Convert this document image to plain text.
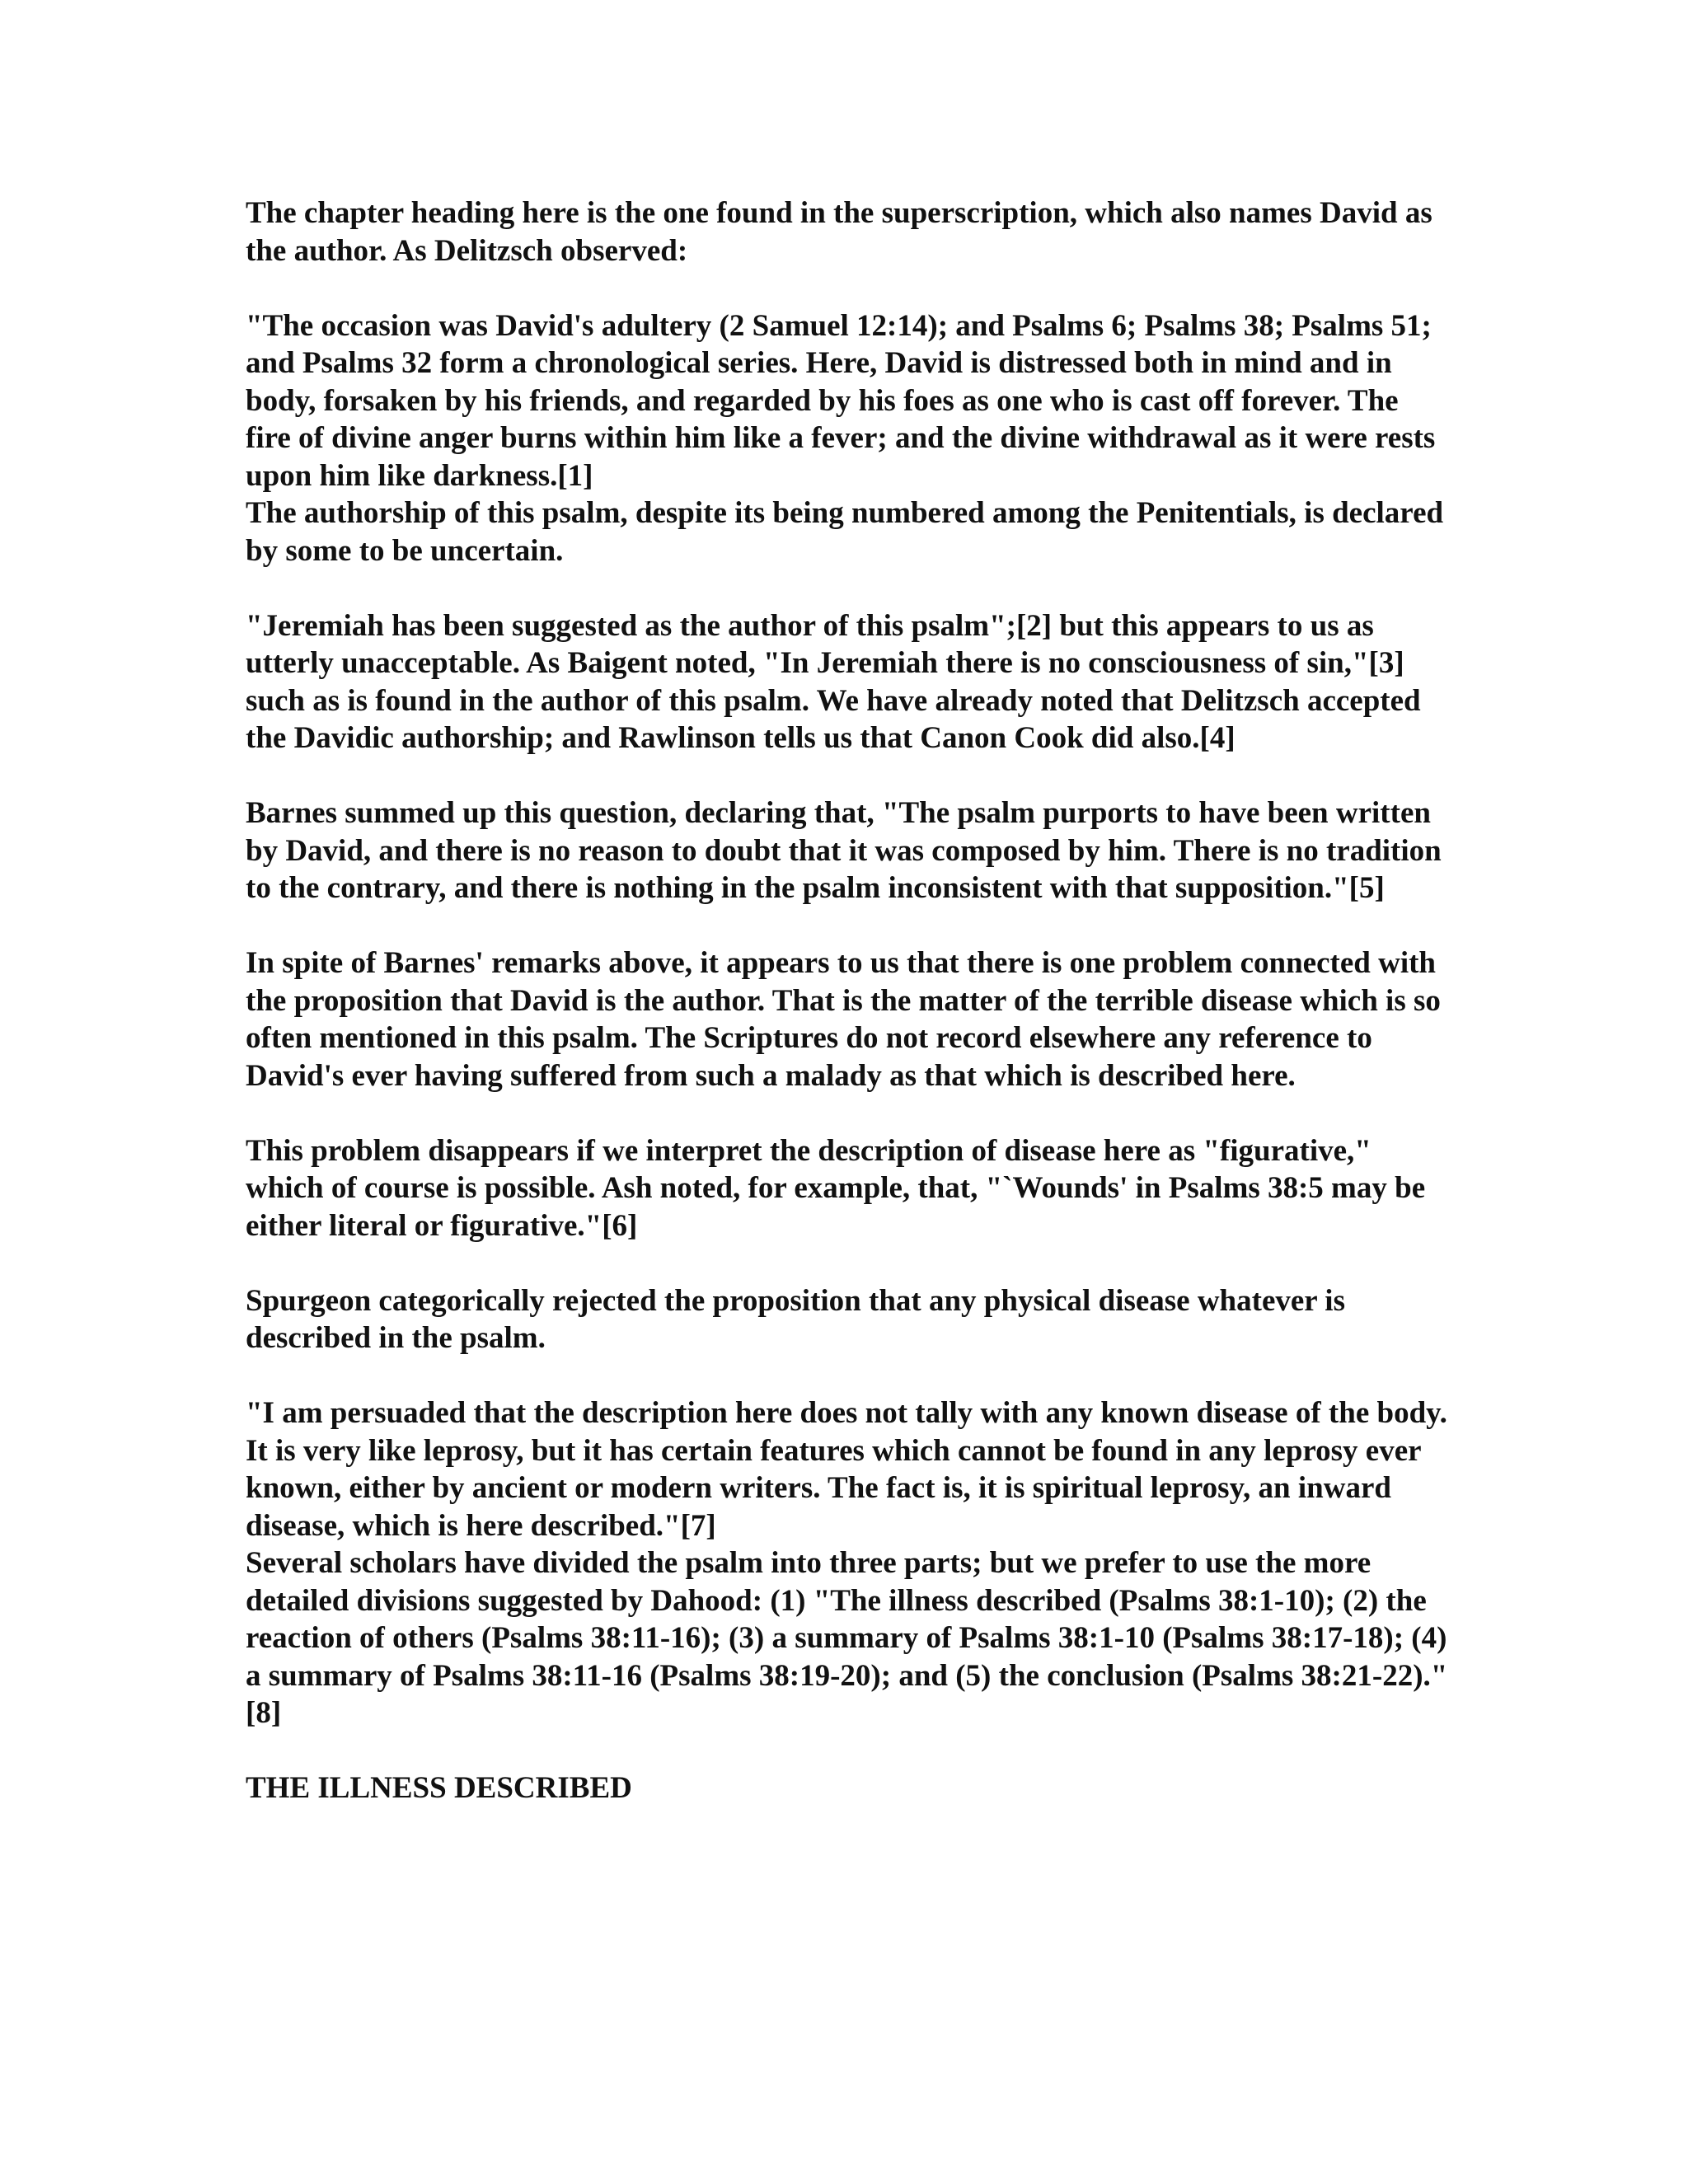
The chapter heading here is the one found in the superscription, which also names David as the author. As Delitzsch observed:

"The occasion was David's adultery (2 Samuel 12:14); and Psalms 6; Psalms 38; Psalms 51; and Psalms 32 form a chronological series. Here, David is distressed both in mind and in body, forsaken by his friends, and regarded by his foes as one who is cast off forever. The fire of divine anger burns within him like a fever; and the divine withdrawal as it were rests upon him like darkness.[1]

The authorship of this psalm, despite its being numbered among the Penitentials, is declared by some to be uncertain.

"Jeremiah has been suggested as the author of this psalm";[2] but this appears to us as utterly unacceptable. As Baigent noted, "In Jeremiah there is no consciousness of sin,"[3] such as is found in the author of this psalm. We have already noted that Delitzsch accepted the Davidic authorship; and Rawlinson tells us that Canon Cook did also.[4]

Barnes summed up this question, declaring that, "The psalm purports to have been written by David, and there is no reason to doubt that it was composed by him. There is no tradition to the contrary, and there is nothing in the psalm inconsistent with that supposition."[5]

In spite of Barnes' remarks above, it appears to us that there is one problem connected with the proposition that David is the author. That is the matter of the terrible disease which is so often mentioned in this psalm. The Scriptures do not record elsewhere any reference to David's ever having suffered from such a malady as that which is described here.

This problem disappears if we interpret the description of disease here as "figurative," which of course is possible. Ash noted, for example, that, "`Wounds' in Psalms 38:5 may be either literal or figurative."[6]

Spurgeon categorically rejected the proposition that any physical disease whatever is described in the psalm.

"I am persuaded that the description here does not tally with any known disease of the body. It is very like leprosy, but it has certain features which cannot be found in any leprosy ever known, either by ancient or modern writers. The fact is, it is spiritual leprosy, an inward disease, which is here described."[7]

Several scholars have divided the psalm into three parts; but we prefer to use the more detailed divisions suggested by Dahood: (1) "The illness described (Psalms 38:1-10); (2) the reaction of others (Psalms 38:11-16); (3) a summary of Psalms 38:1-10 (Psalms 38:17-18); (4) a summary of Psalms 38:11-16 (Psalms 38:19-20); and (5) the conclusion (Psalms 38:21-22)."[8]

THE ILLNESS DESCRIBED
